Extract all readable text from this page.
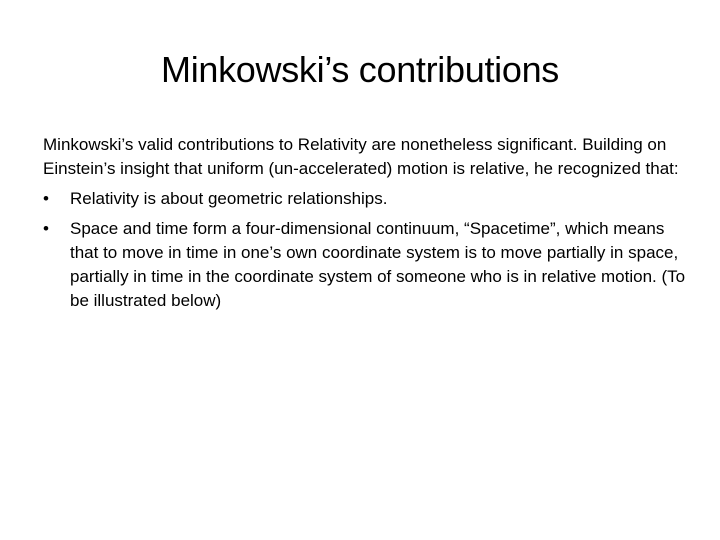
Minkowski’s contributions

Minkowski’s valid contributions to Relativity are nonetheless significant. Building on Einstein’s insight that uniform (un-accelerated) motion is relative, he recognized that:

• Relativity is about geometric relationships.
• Space and time form a four-dimensional continuum, “Spacetime”, which means that to move in time in one’s own coordinate system is to move partially in space, partially in time in the coordinate system of someone who is in relative motion. (To be illustrated below)
